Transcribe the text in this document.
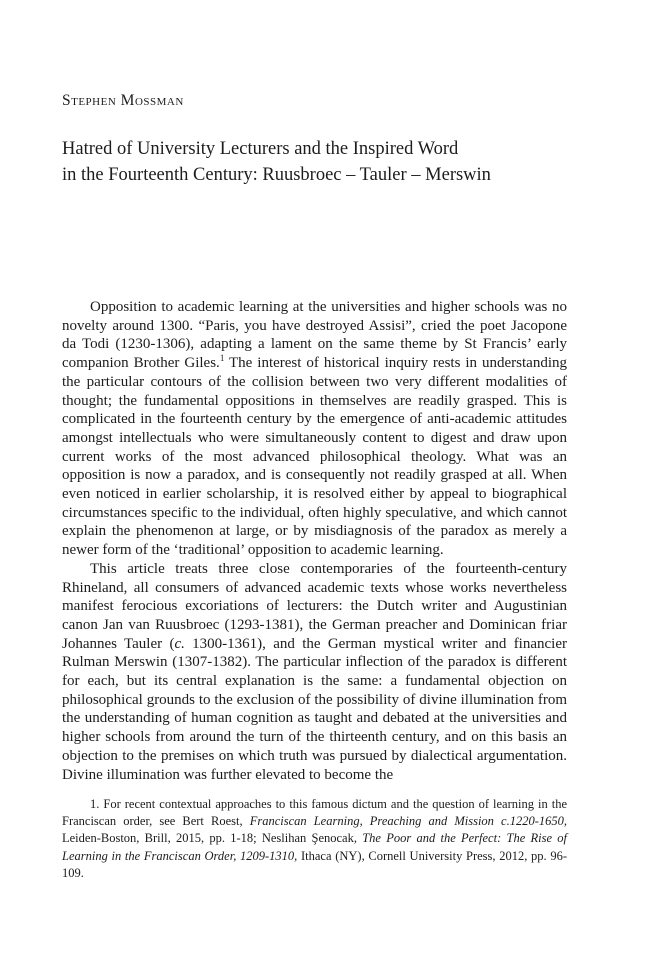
Stephen Mossman
Hatred of University Lecturers and the Inspired Word
in the Fourteenth Century: Ruusbroec – Tauler – Merswin

Opposition to academic learning at the universities and higher schools was no novelty around 1300. “Paris, you have destroyed Assisi”, cried the poet Jacopone da Todi (1230-1306), adapting a lament on the same theme by St Francis’ early companion Brother Giles.$^1$ The interest of historical inquiry rests in understanding the particular contours of the collision between two very different modalities of thought; the fundamental oppositions in themselves are readily grasped. This is complicated in the fourteenth century by the emergence of anti-academic attitudes amongst intellectuals who were simultaneously content to digest and draw upon current works of the most advanced philosophical theology. What was an opposition is now a paradox, and is consequently not readily grasped at all. When even noticed in earlier scholarship, it is resolved either by appeal to biographical circumstances specific to the individual, often highly speculative, and which cannot explain the phenomenon at large, or by misdiagnosis of the paradox as merely a newer form of the ‘traditional’ opposition to academic learning.

This article treats three close contemporaries of the fourteenth-century Rhineland, all consumers of advanced academic texts whose works nevertheless manifest ferocious excoriations of lecturers: the Dutch writer and Augustinian canon Jan van Ruusbroec (1293-1381), the German preacher and Dominican friar Johannes Tauler (c. 1300-1361), and the German mystical writer and financier Rulman Merswin (1307-1382). The particular inflection of the paradox is different for each, but its central explanation is the same: a fundamental objection on philosophical grounds to the exclusion of the possibility of divine illumination from the understanding of human cognition as taught and debated at the universities and higher schools from around the turn of the thirteenth century, and on this basis an objection to the premises on which truth was pursued by dialectical argumentation. Divine illumination was further elevated to become the

1. For recent contextual approaches to this famous dictum and the question of learning in the Franciscan order, see Bert Roest, Franciscan Learning, Preaching and Mission c.1220-1650, Leiden-Boston, Brill, 2015, pp. 1-18; Neslihan Şenocak, The Poor and the Perfect: The Rise of Learning in the Franciscan Order, 1209-1310, Ithaca (NY), Cornell University Press, 2012, pp. 96-109.
